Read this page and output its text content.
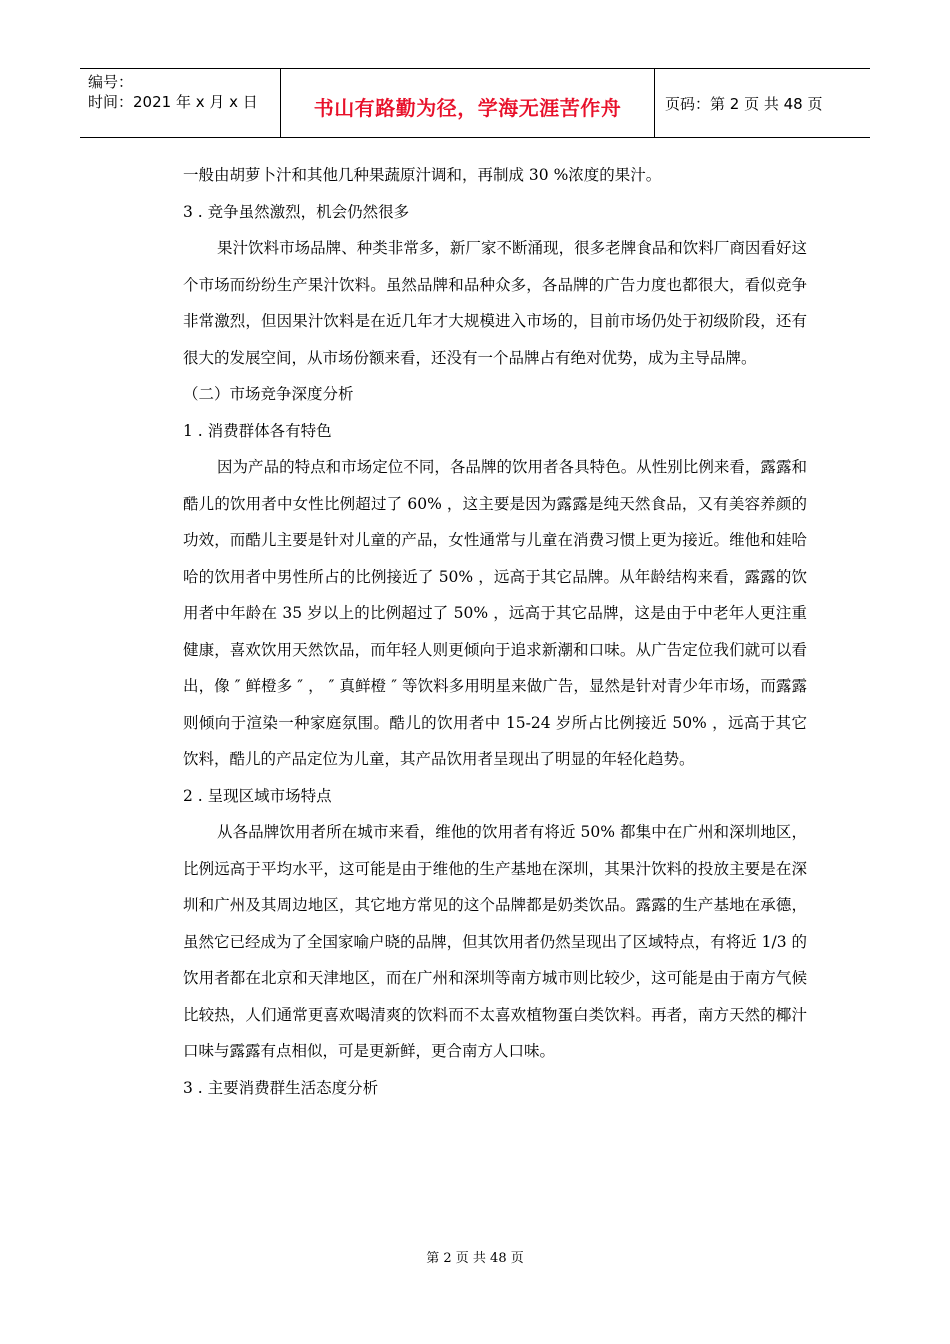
编号：
时间：2021 年 x 月 x 日	书山有路勤为径，学海无涯苦作舟	页码：第 2 页 共 48 页

一般由胡萝卜汁和其他几种果蔬原汁调和，再制成 30 %浓度的果汁。

3 . 竞争虽然激烈，机会仍然很多

果汁饮料市场品牌、种类非常多，新厂家不断涌现，很多老牌食品和饮料厂商因看好这个市场而纷纷生产果汁饮料。虽然品牌和品种众多，各品牌的广告力度也都很大，看似竞争非常激烈，但因果汁饮料是在近几年才大规模进入市场的，目前市场仍处于初级阶段，还有很大的发展空间，从市场份额来看，还没有一个品牌占有绝对优势，成为主导品牌。

（二）市场竞争深度分析

1 . 消费群体各有特色

因为产品的特点和市场定位不同，各品牌的饮用者各具特色。从性别比例来看，露露和酷儿的饮用者中女性比例超过了 60% ，这主要是因为露露是纯天然食品，又有美容养颜的功效，而酷儿主要是针对儿童的产品，女性通常与儿童在消费习惯上更为接近。维他和娃哈哈的饮用者中男性所占的比例接近了 50% ，远高于其它品牌。从年龄结构来看，露露的饮用者中年龄在 35 岁以上的比例超过了 50% ，远高于其它品牌，这是由于中老年人更注重健康，喜欢饮用天然饮品，而年轻人则更倾向于追求新潮和口味。从广告定位我们就可以看出，像 ″ 鲜橙多 ″ ， ″ 真鲜橙 ″ 等饮料多用明星来做广告，显然是针对青少年市场，而露露则倾向于渲染一种家庭氛围。酷儿的饮用者中 15-24 岁所占比例接近 50% ，远高于其它饮料，酷儿的产品定位为儿童，其产品饮用者呈现出了明显的年轻化趋势。

2 . 呈现区域市场特点

从各品牌饮用者所在城市来看，维他的饮用者有将近 50% 都集中在广州和深圳地区，比例远高于平均水平，这可能是由于维他的生产基地在深圳，其果汁饮料的投放主要是在深圳和广州及其周边地区，其它地方常见的这个品牌都是奶类饮品。露露的生产基地在承德，虽然它已经成为了全国家喻户晓的品牌，但其饮用者仍然呈现出了区域特点，有将近 1/3 的饮用者都在北京和天津地区，而在广州和深圳等南方城市则比较少，这可能是由于南方气候比较热，人们通常更喜欢喝清爽的饮料而不太喜欢植物蛋白类饮料。再者，南方天然的椰汁口味与露露有点相似，可是更新鲜，更合南方人口味。

3 . 主要消费群生活态度分析

第 2 页 共 48 页
